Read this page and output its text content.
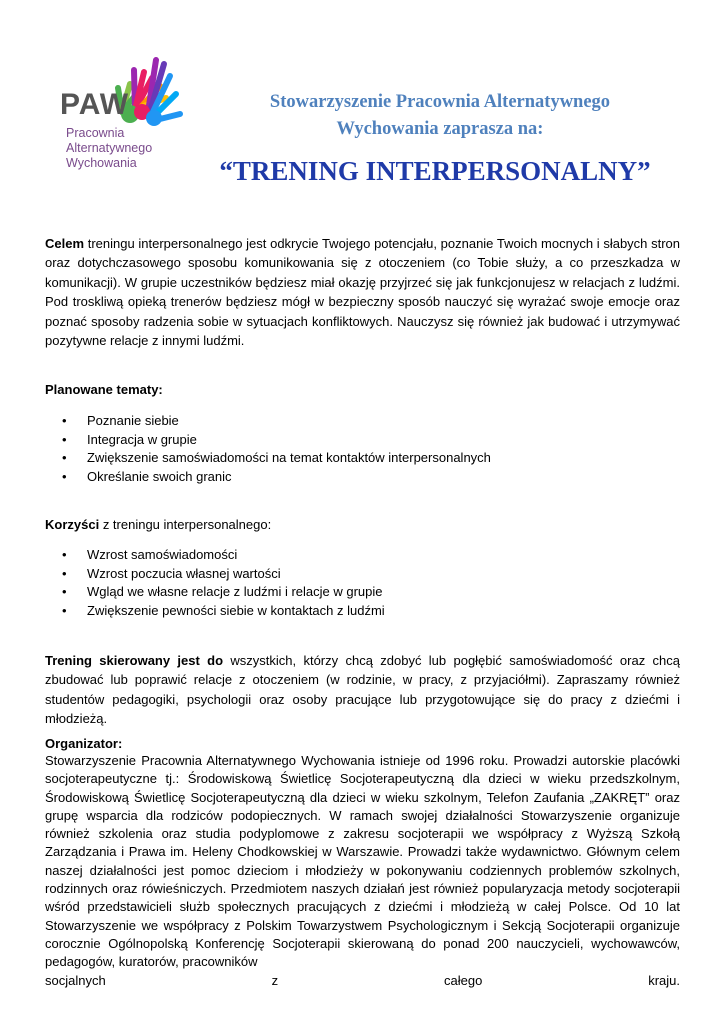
PAW
Pracownia
Alternatywnego
Wychowania
Stowarzyszenie Pracownia Alternatywnego
Wychowania zaprasza na:
“TRENING INTERPERSONALNY”
Celem treningu interpersonalnego jest odkrycie Twojego potencjału, poznanie Twoich mocnych i słabych stron oraz dotychczasowego sposobu komunikowania się z otoczeniem (co Tobie służy, a co przeszkadza w komunikacji). W grupie uczestników będziesz miał okazję przyjrzeć się jak funkcjonujesz w relacjach z ludźmi. Pod troskliwą opieką trenerów będziesz mógł w bezpieczny sposób nauczyć się wyrażać swoje emocje oraz poznać sposoby radzenia sobie w sytuacjach konfliktowych. Nauczysz się również jak budować i utrzymywać pozytywne relacje z innymi ludźmi.
Planowane tematy:
• Poznanie siebie
• Integracja w grupie
• Zwiększenie samoświadomości na temat kontaktów interpersonalnych
• Określanie swoich granic
Korzyści z treningu interpersonalnego:
• Wzrost samoświadomości
• Wzrost poczucia własnej wartości
• Wgląd we własne relacje z ludźmi i relacje w grupie
• Zwiększenie pewności siebie w kontaktach z ludźmi
Trening skierowany jest do wszystkich, którzy chcą zdobyć lub pogłębić samoświadomość oraz chcą zbudować lub poprawić relacje z otoczeniem (w rodzinie, w pracy, z przyjaciółmi). Zapraszamy również studentów pedagogiki, psychologii oraz osoby pracujące lub przygotowujące się do pracy z dziećmi i młodzieżą.
Organizator:
Stowarzyszenie Pracownia Alternatywnego Wychowania istnieje od 1996 roku. Prowadzi autorskie placówki socjoterapeutyczne tj.: Środowiskową Świetlicę Socjoterapeutyczną dla dzieci w wieku przedszkolnym, Środowiskową Świetlicę Socjoterapeutyczną dla dzieci w wieku szkolnym, Telefon Zaufania „ZAKRĘT” oraz grupę wsparcia dla rodziców podopiecznych. W ramach swojej działalności Stowarzyszenie organizuje również szkolenia oraz studia podyplomowe z zakresu socjoterapii we współpracy z Wyższą Szkołą Zarządzania i Prawa im. Heleny Chodkowskiej w Warszawie. Prowadzi także wydawnictwo. Głównym celem naszej działalności jest pomoc dzieciom i młodzieży w pokonywaniu codziennych problemów szkolnych, rodzinnych oraz rówieśniczych. Przedmiotem naszych działań jest również popularyzacja metody socjoterapii wśród przedstawicieli służb społecznych pracujących z dziećmi i młodzieżą w całej Polsce. Od 10 lat Stowarzyszenie we współpracy z Polskim Towarzystwem Psychologicznym i Sekcją Socjoterapii organizuje corocznie Ogólnopolską Konferencję Socjoterapii skierowaną do ponad 200 nauczycieli, wychowawców, pedagogów, kuratorów, pracowników
socjalnych	z	całego	kraju.
